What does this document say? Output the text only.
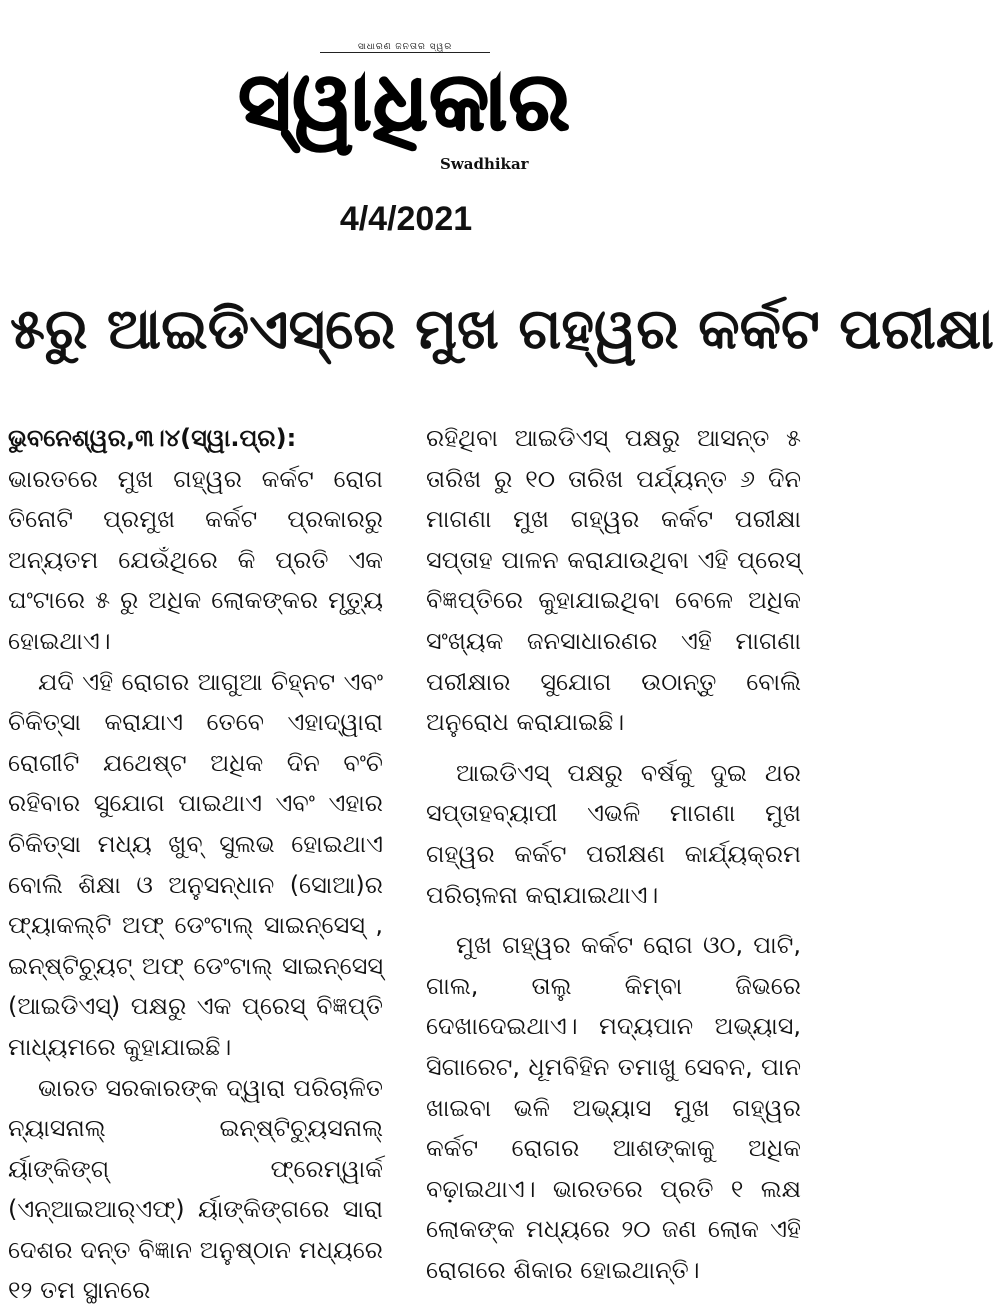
ସାଧାରଣ ଜନତାର ସ୍ୱର
ସ୍ୱାଧିକାର
Swadhikar
4/4/2021
୫ରୁ ଆଇଡିଏସ୍‌ରେ ମୁଖ ଗହ୍ୱର କର୍କଟ ପରୀକ୍ଷା
ଭୁବନେଶ୍ୱର,୩।୪(ସ୍ୱା.ପ୍ର):

ଭାରତରେ ମୁଖ ଗହ୍ୱର କର୍କଟ ରୋଗ ତିନୋଟି ପ୍ରମୁଖ କର୍କଟ ପ୍ରକାରରୁ ଅନ୍ୟତମ ଯେଉଁଥିରେ କି ପ୍ରତି ଏକ ଘଂଟାରେ ୫ ରୁ ଅଧିକ ଲୋକଙ୍କର ମୃତ୍ୟୁ ହୋଇଥାଏ।

ଯଦି ଏହି ରୋଗର ଆଗୁଆ ଚିହ୍ନଟ ଏବଂ ଚିକିତ୍ସା କରାଯାଏ ତେବେ ଏହାଦ୍ୱାରା ରୋଗୀଟି ଯଥେଷ୍ଟ ଅଧିକ ଦିନ ବଂଚି ରହିବାର ସୁଯୋଗ ପାଇଥାଏ ଏବଂ ଏହାର ଚିକିତ୍ସା ମଧ୍ୟ ଖୁବ୍ ସୁଲଭ ହୋଇଥାଏ ବୋଲି ଶିକ୍ଷା ଓ ଅନୁସନ୍ଧାନ (ସୋଆ)ର ଫ୍ୟାକଲ୍ଟି ଅଫ୍ ଡେଂଟାଲ୍ ସାଇନ୍‌ସେସ୍ , ଇନ୍‌ଷ୍ଟିଚ୍ୟୁଟ୍ ଅଫ୍ ଡେଂଟାଲ୍ ସାଇନ୍‌ସେସ୍ (ଆଇଡିଏସ୍) ପକ୍ଷରୁ ଏକ ପ୍ରେସ୍ ବିଜ୍ଞପ୍ତି ମାଧ୍ୟମରେ କୁହାଯାଇଛି।

ଭାରତ ସରକାରଙ୍କ ଦ୍ୱାରା ପରିଚାଳିତ ନ୍ୟାସନାଲ୍ ଇନ୍‌ଷ୍ଟିଚ୍ୟୁସନାଲ୍ ର୍ୟାଙ୍କିଙ୍ଗ୍ ଫ୍ରେମ୍‌ୱାର୍କ (ଏନ୍‌ଆଇଆର୍‌ଏଫ୍) ର୍ୟାଙ୍କିଙ୍ଗରେ ସାରା ଦେଶର ଦନ୍ତ ବିଜ୍ଞାନ ଅନୁଷ୍ଠାନ ମଧ୍ୟରେ ୧୨ ତମ ସ୍ଥାନରେ

ରହିଥିବା ଆଇଡିଏସ୍ ପକ୍ଷରୁ ଆସନ୍ତ ୫ ତାରିଖ ରୁ ୧୦ ତାରିଖ ପର୍ଯ୍ୟନ୍ତ ୬ ଦିନ ମାଗଣା ମୁଖ ଗହ୍ୱର କର୍କଟ ପରୀକ୍ଷା ସପ୍ତାହ ପାଳନ କରାଯାଉଥିବା ଏହି ପ୍ରେସ୍ ବିଜ୍ଞପ୍ତିରେ କୁହାଯାଇଥିବା ବେଳେ ଅଧିକ ସଂଖ୍ୟକ ଜନସାଧାରଣର ଏହି ମାଗଣା ପରୀକ୍ଷାର ସୁଯୋଗ ଉଠାନ୍ତୁ ବୋଲି ଅନୁରୋଧ କରାଯାଇଛି।

ଆଇଡିଏସ୍ ପକ୍ଷରୁ ବର୍ଷକୁ ଦୁଇ ଥର ସପ୍ତାହବ୍ୟାପୀ ଏଭଳି ମାଗଣା ମୁଖ ଗହ୍ୱର କର୍କଟ ପରୀକ୍ଷଣ କାର୍ଯ୍ୟକ୍ରମ ପରିଚାଳନା କରାଯାଇଥାଏ।

ମୁଖ ଗହ୍ୱର କର୍କଟ ରୋଗ ଓଠ, ପାଟି, ଗାଲ, ତାଲୁ କିମ୍ବା ଜିଭରେ ଦେଖାଦେଇଥାଏ। ମଦ୍ୟପାନ ଅଭ୍ୟାସ, ସିଗାରେଟ, ଧୂମବିହିନ ତମାଖୁ ସେବନ, ପାନ ଖାଇବା ଭଳି ଅଭ୍ୟାସ ମୁଖ ଗହ୍ୱର କର୍କଟ ରୋଗର ଆଶଙ୍କାକୁ ଅଧିକ ବଢ଼ାଇଥାଏ। ଭାରତରେ ପ୍ରତି ୧ ଲକ୍ଷ ଲୋକଙ୍କ ମଧ୍ୟରେ ୨୦ ଜଣ ଲୋକ ଏହି ରୋଗରେ ଶିକାର ହୋଇଥାନ୍ତି।
